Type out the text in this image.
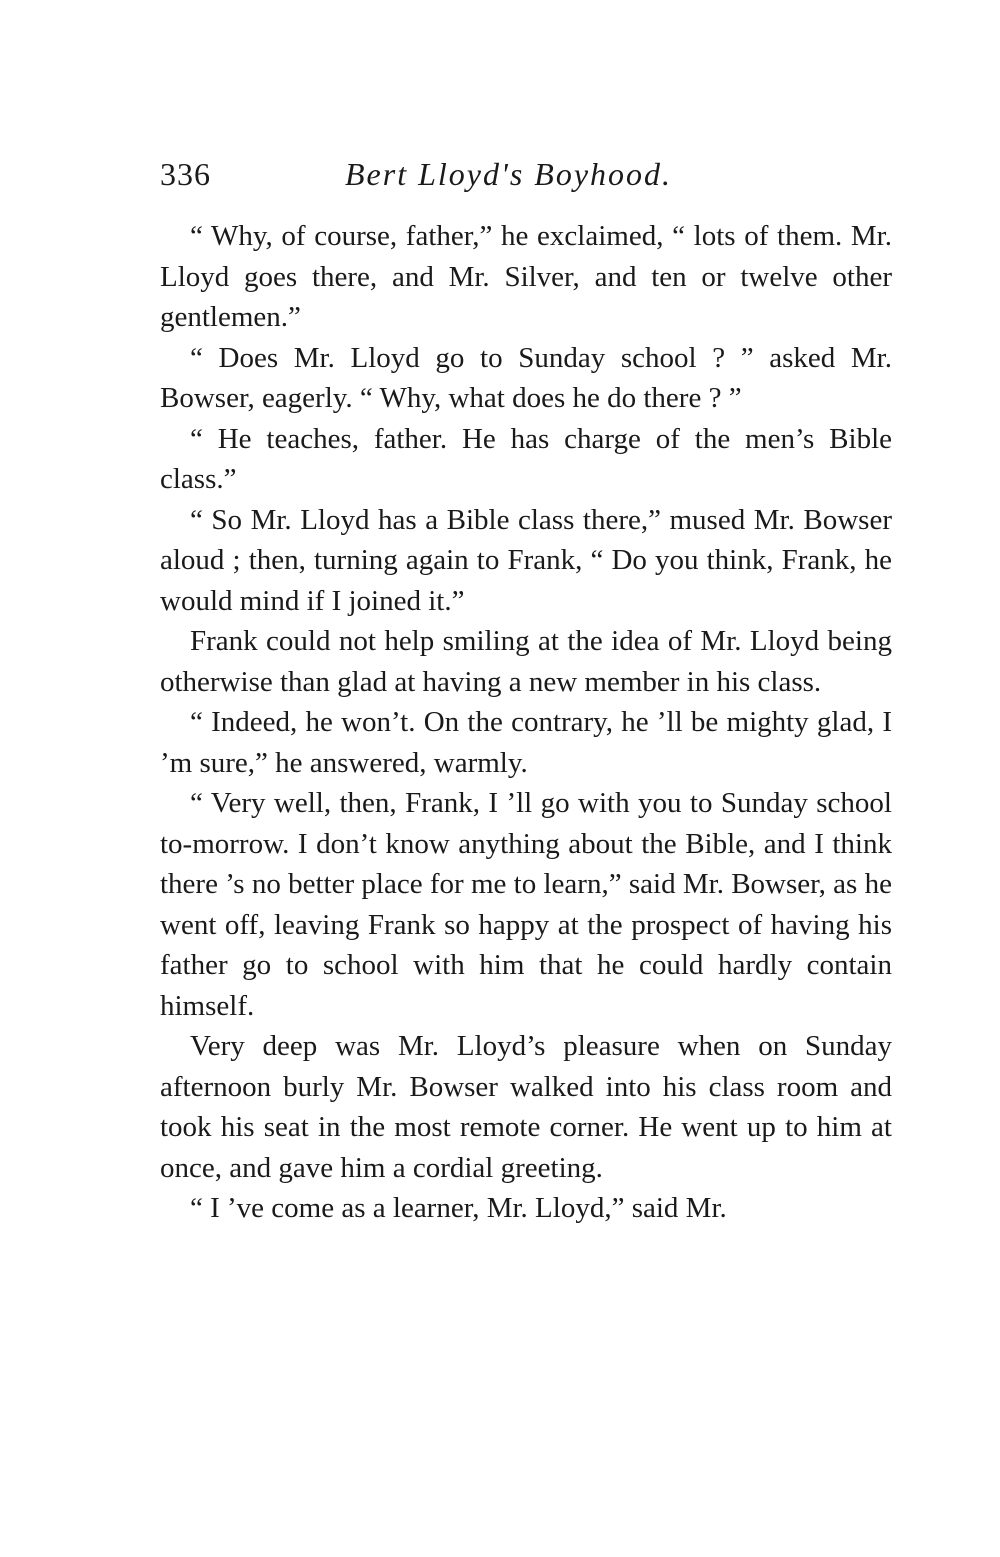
336	Bert Lloyd's Boyhood.

“ Why, of course, father,” he exclaimed, “ lots of them. Mr. Lloyd goes there, and Mr. Silver, and ten or twelve other gentlemen.”

“ Does Mr. Lloyd go to Sunday school ? ” asked Mr. Bowser, eagerly. “ Why, what does he do there ? ”

“ He teaches, father. He has charge of the men’s Bible class.”

“ So Mr. Lloyd has a Bible class there,” mused Mr. Bowser aloud ; then, turning again to Frank, “ Do you think, Frank, he would mind if I joined it.”

Frank could not help smiling at the idea of Mr. Lloyd being otherwise than glad at having a new member in his class.

“ Indeed, he won’t. On the contrary, he ’ll be mighty glad, I ’m sure,” he answered, warmly.

“ Very well, then, Frank, I ’ll go with you to Sunday school to-morrow. I don’t know anything about the Bible, and I think there ’s no better place for me to learn,” said Mr. Bowser, as he went off, leaving Frank so happy at the prospect of having his father go to school with him that he could hardly contain himself.

Very deep was Mr. Lloyd’s pleasure when on Sunday afternoon burly Mr. Bowser walked into his class room and took his seat in the most remote corner. He went up to him at once, and gave him a cordial greeting.

“ I ’ve come as a learner, Mr. Lloyd,” said Mr.
